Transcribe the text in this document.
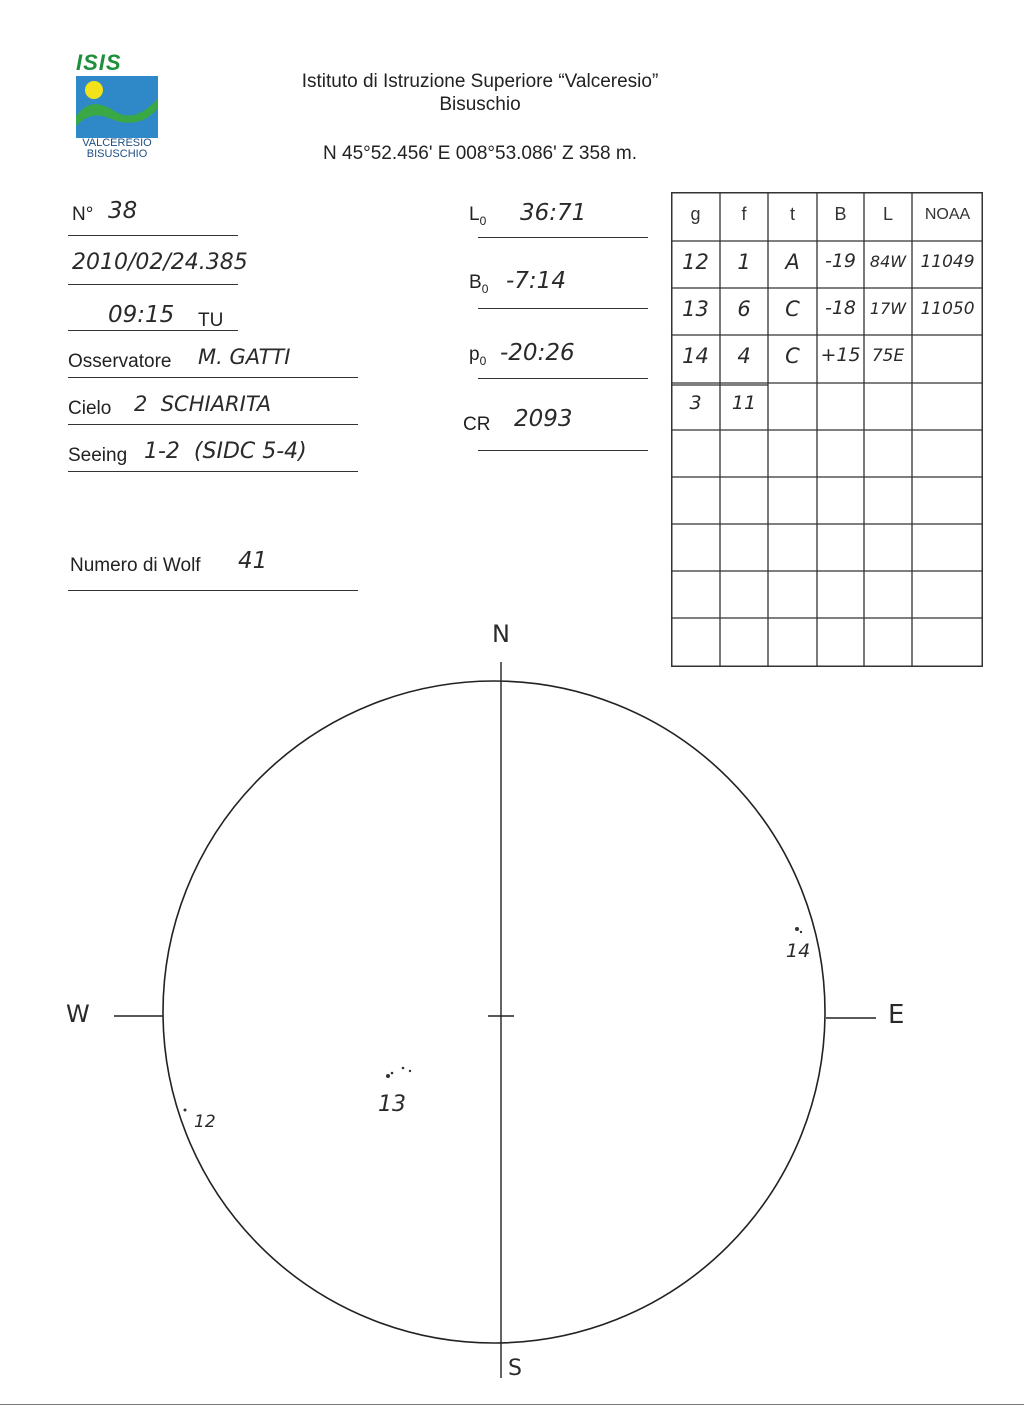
ISIS
VALCERESIO
BISUSCHIO
Istituto di Istruzione Superiore “Valceresio”
Bisuschio
N 45°52.456' E 008°53.086' Z 358 m.
N° 38
2010/02/24.385
09:15 TU
Osservatore M. GATTI
Cielo 2  SCHIARITA
Seeing 1-2  (SIDC 5-4)
Numero di Wolf 41
$L_0$ 36:71
$B_0$ -7:14
$p_0$ -20:26
CR 2093
g	f	t	B	L	NOAA
12	1	A	-19 84W 11049
13	6	C	-18 17W 11050
14	4	C	+15 75E
3	11
N
S
W	E
12
13
14
